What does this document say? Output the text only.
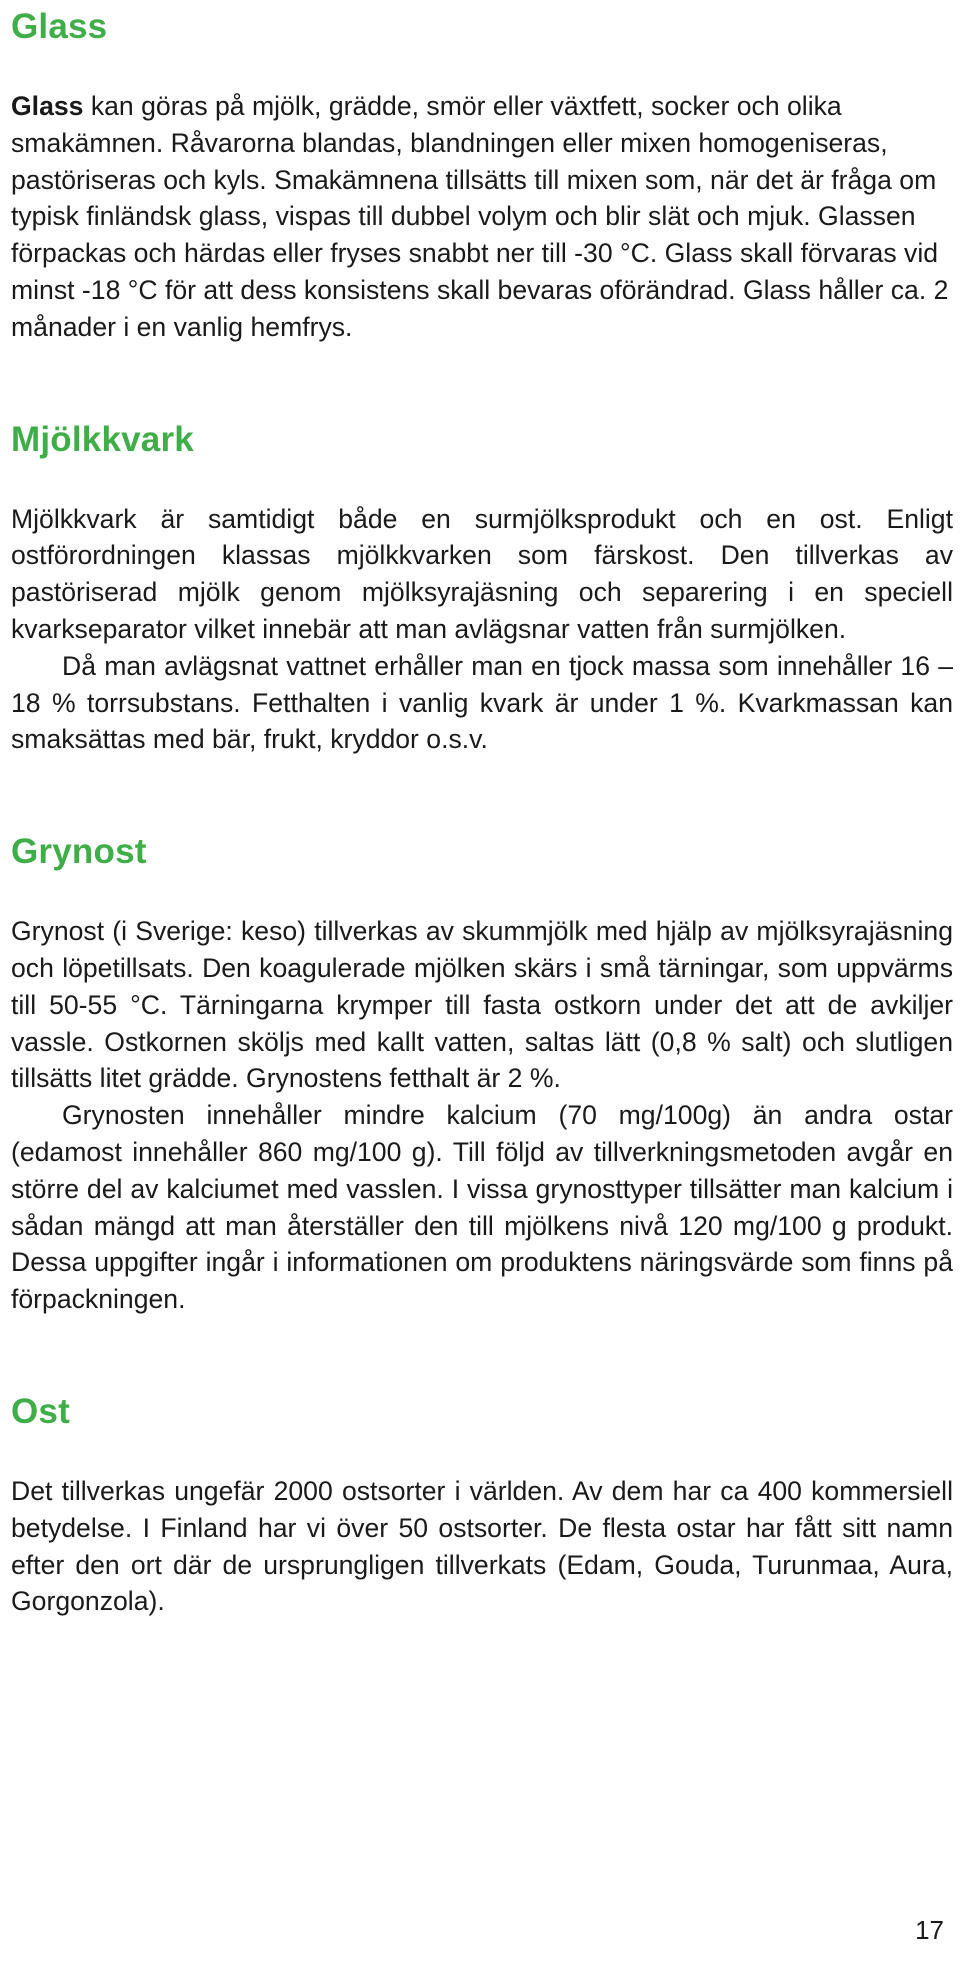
Glass

Glass kan göras på mjölk, grädde, smör eller växtfett, socker och olika smakämnen. Råvarorna blandas, blandningen eller mixen homogeniseras, pastöriseras och kyls. Smakämnena tillsätts till mixen som, när det är fråga om typisk finländsk glass, vispas till dubbel volym och blir slät och mjuk. Glassen förpackas och härdas eller fryses snabbt ner till -30 °C. Glass skall förvaras vid minst -18 °C för att dess konsistens skall bevaras oförändrad. Glass håller ca. 2 månader i en vanlig hemfrys.

Mjölkkvark

Mjölkkvark är samtidigt både en surmjölksprodukt och en ost. Enligt ostförordningen klassas mjölkkvarken som färskost. Den tillverkas av pastöriserad mjölk genom mjölksyrajäsning och separering i en speciell kvarkseparator vilket innebär att man avlägsnar vatten från surmjölken.

Då man avlägsnat vattnet erhåller man en tjock massa som innehåller 16 – 18 % torrsubstans. Fetthalten i vanlig kvark är under 1 %. Kvarkmassan kan smaksättas med bär, frukt, kryddor o.s.v.

Grynost

Grynost (i Sverige: keso) tillverkas av skummjölk med hjälp av mjölksyrajäsning och löpetillsats. Den koagulerade mjölken skärs i små tärningar, som uppvärms till 50-55 °C. Tärningarna krymper till fasta ostkorn under det att de avkiljer vassle. Ostkornen sköljs med kallt vatten, saltas lätt (0,8 % salt) och slutligen tillsätts litet grädde. Grynostens fetthalt är 2 %.

Grynosten innehåller mindre kalcium (70 mg/100g) än andra ostar (edamost innehåller 860 mg/100 g). Till följd av tillverkningsmetoden avgår en större del av kalciumet med vasslen. I vissa grynosttyper tillsätter man kalcium i sådan mängd att man återställer den till mjölkens nivå 120 mg/100 g produkt. Dessa uppgifter ingår i informationen om produktens näringsvärde som finns på förpackningen.

Ost

Det tillverkas ungefär 2000 ostsorter i världen. Av dem har ca 400 kommersiell betydelse. I Finland har vi över 50 ostsorter. De flesta ostar har fått sitt namn efter den ort där de ursprungligen tillverkats (Edam, Gouda, Turunmaa, Aura, Gorgonzola).

17
